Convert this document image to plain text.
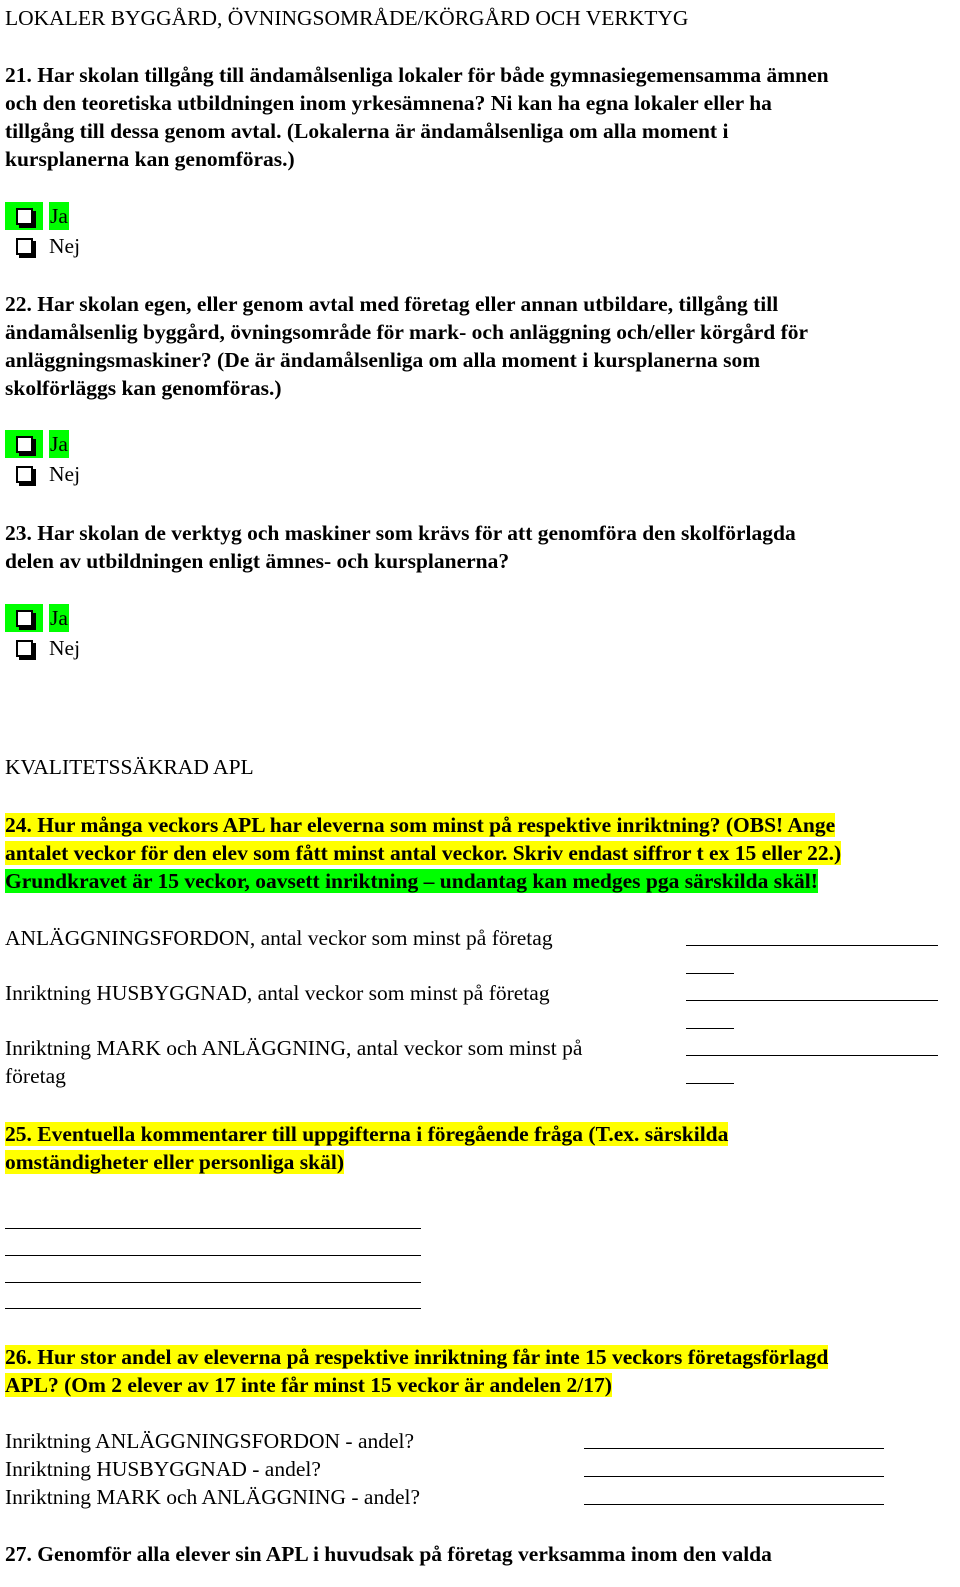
LOKALER BYGGÅRD, ÖVNINGSOMRÅDE/KÖRGÅRD OCH VERKTYG
21. Har skolan tillgång till ändamålsenliga lokaler för både gymnasiegemensamma ämnen
och den teoretiska utbildningen inom yrkesämnena? Ni kan ha egna lokaler eller ha
tillgång till dessa genom avtal. (Lokalerna är ändamålsenliga om alla moment i
kursplanerna kan genomföras.)
Ja
Nej
22. Har skolan egen, eller genom avtal med företag eller annan utbildare, tillgång till
ändamålsenlig byggård, övningsområde för mark- och anläggning och/eller körgård för
anläggningsmaskiner? (De är ändamålsenliga om alla moment i kursplanerna som
skolförläggs kan genomföras.)
Ja
Nej
23. Har skolan de verktyg och maskiner som krävs för att genomföra den skolförlagda
delen av utbildningen enligt ämnes- och kursplanerna?
Ja
Nej
KVALITETSSÄKRAD APL
24. Hur många veckors APL har eleverna som minst på respektive inriktning? (OBS! Ange
antalet veckor för den elev som fått minst antal veckor. Skriv endast siffror t ex 15 eller 22.)
Grundkravet är 15 veckor, oavsett inriktning – undantag kan medges pga särskilda skäl!
ANLÄGGNINGSFORDON, antal veckor som minst på företag
Inriktning HUSBYGGNAD, antal veckor som minst på företag
Inriktning MARK och ANLÄGGNING, antal veckor som minst på
företag
25. Eventuella kommentarer till uppgifterna i föregående fråga (T.ex. särskilda
omständigheter eller personliga skäl)
26. Hur stor andel av eleverna på respektive inriktning får inte 15 veckors företagsförlagd
APL? (Om 2 elever av 17 inte får minst 15 veckor är andelen 2/17)
Inriktning ANLÄGGNINGSFORDON - andel?
Inriktning HUSBYGGNAD - andel?
Inriktning MARK och ANLÄGGNING - andel?
27. Genomför alla elever sin APL i huvudsak på företag verksamma inom den valda
